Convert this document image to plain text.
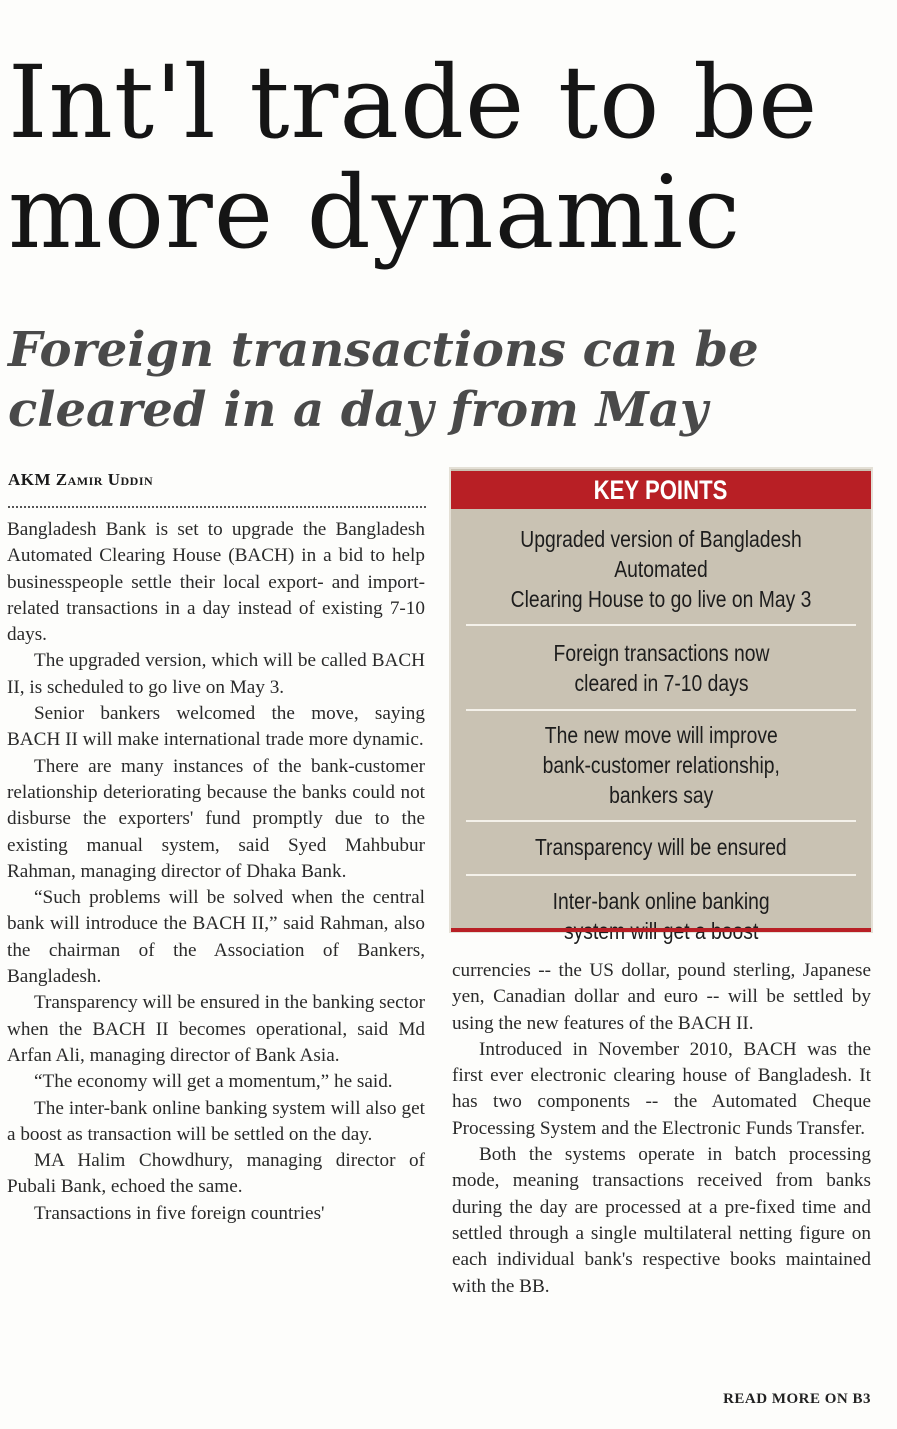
Int'l trade to be more dynamic
Foreign transactions can be cleared in a day from May
AKM Zamir Uddin

Bangladesh Bank is set to upgrade the Bangladesh Automated Clearing House (BACH) in a bid to help businesspeople settle their local export- and import-related transactions in a day instead of existing 7-10 days.

The upgraded version, which will be called BACH II, is scheduled to go live on May 3.

Senior bankers welcomed the move, saying BACH II will make international trade more dynamic.

There are many instances of the bank-customer relationship deteriorating because the banks could not disburse the exporters' fund promptly due to the existing manual system, said Syed Mahbubur Rahman, managing director of Dhaka Bank.

“Such problems will be solved when the central bank will introduce the BACH II,” said Rahman, also the chairman of the Association of Bankers, Bangladesh.

Transparency will be ensured in the banking sector when the BACH II becomes operational, said Md Arfan Ali, managing director of Bank Asia.

“The economy will get a momentum,” he said.

The inter-bank online banking system will also get a boost as transaction will be settled on the day.

MA Halim Chowdhury, managing director of Pubali Bank, echoed the same.

Transactions in five foreign countries'

KEY POINTS
Upgraded version of Bangladesh Automated
Clearing House to go live on May 3
Foreign transactions now
cleared in 7-10 days
The new move will improve
bank-customer relationship,
bankers say
Transparency will be ensured
Inter-bank online banking

currencies -- the US dollar, pound sterling, Japanese yen, Canadian dollar and euro -- will be settled by using the new features of the BACH II.

Introduced in November 2010, BACH was the first ever electronic clearing house of Bangladesh. It has two components -- the Automated Cheque Processing System and the Electronic Funds Transfer.

Both the systems operate in batch processing mode, meaning transactions received from banks during the day are processed at a pre-fixed time and settled through a single multilateral netting figure on each individual bank's respective books maintained with the BB.

READ MORE ON B3
